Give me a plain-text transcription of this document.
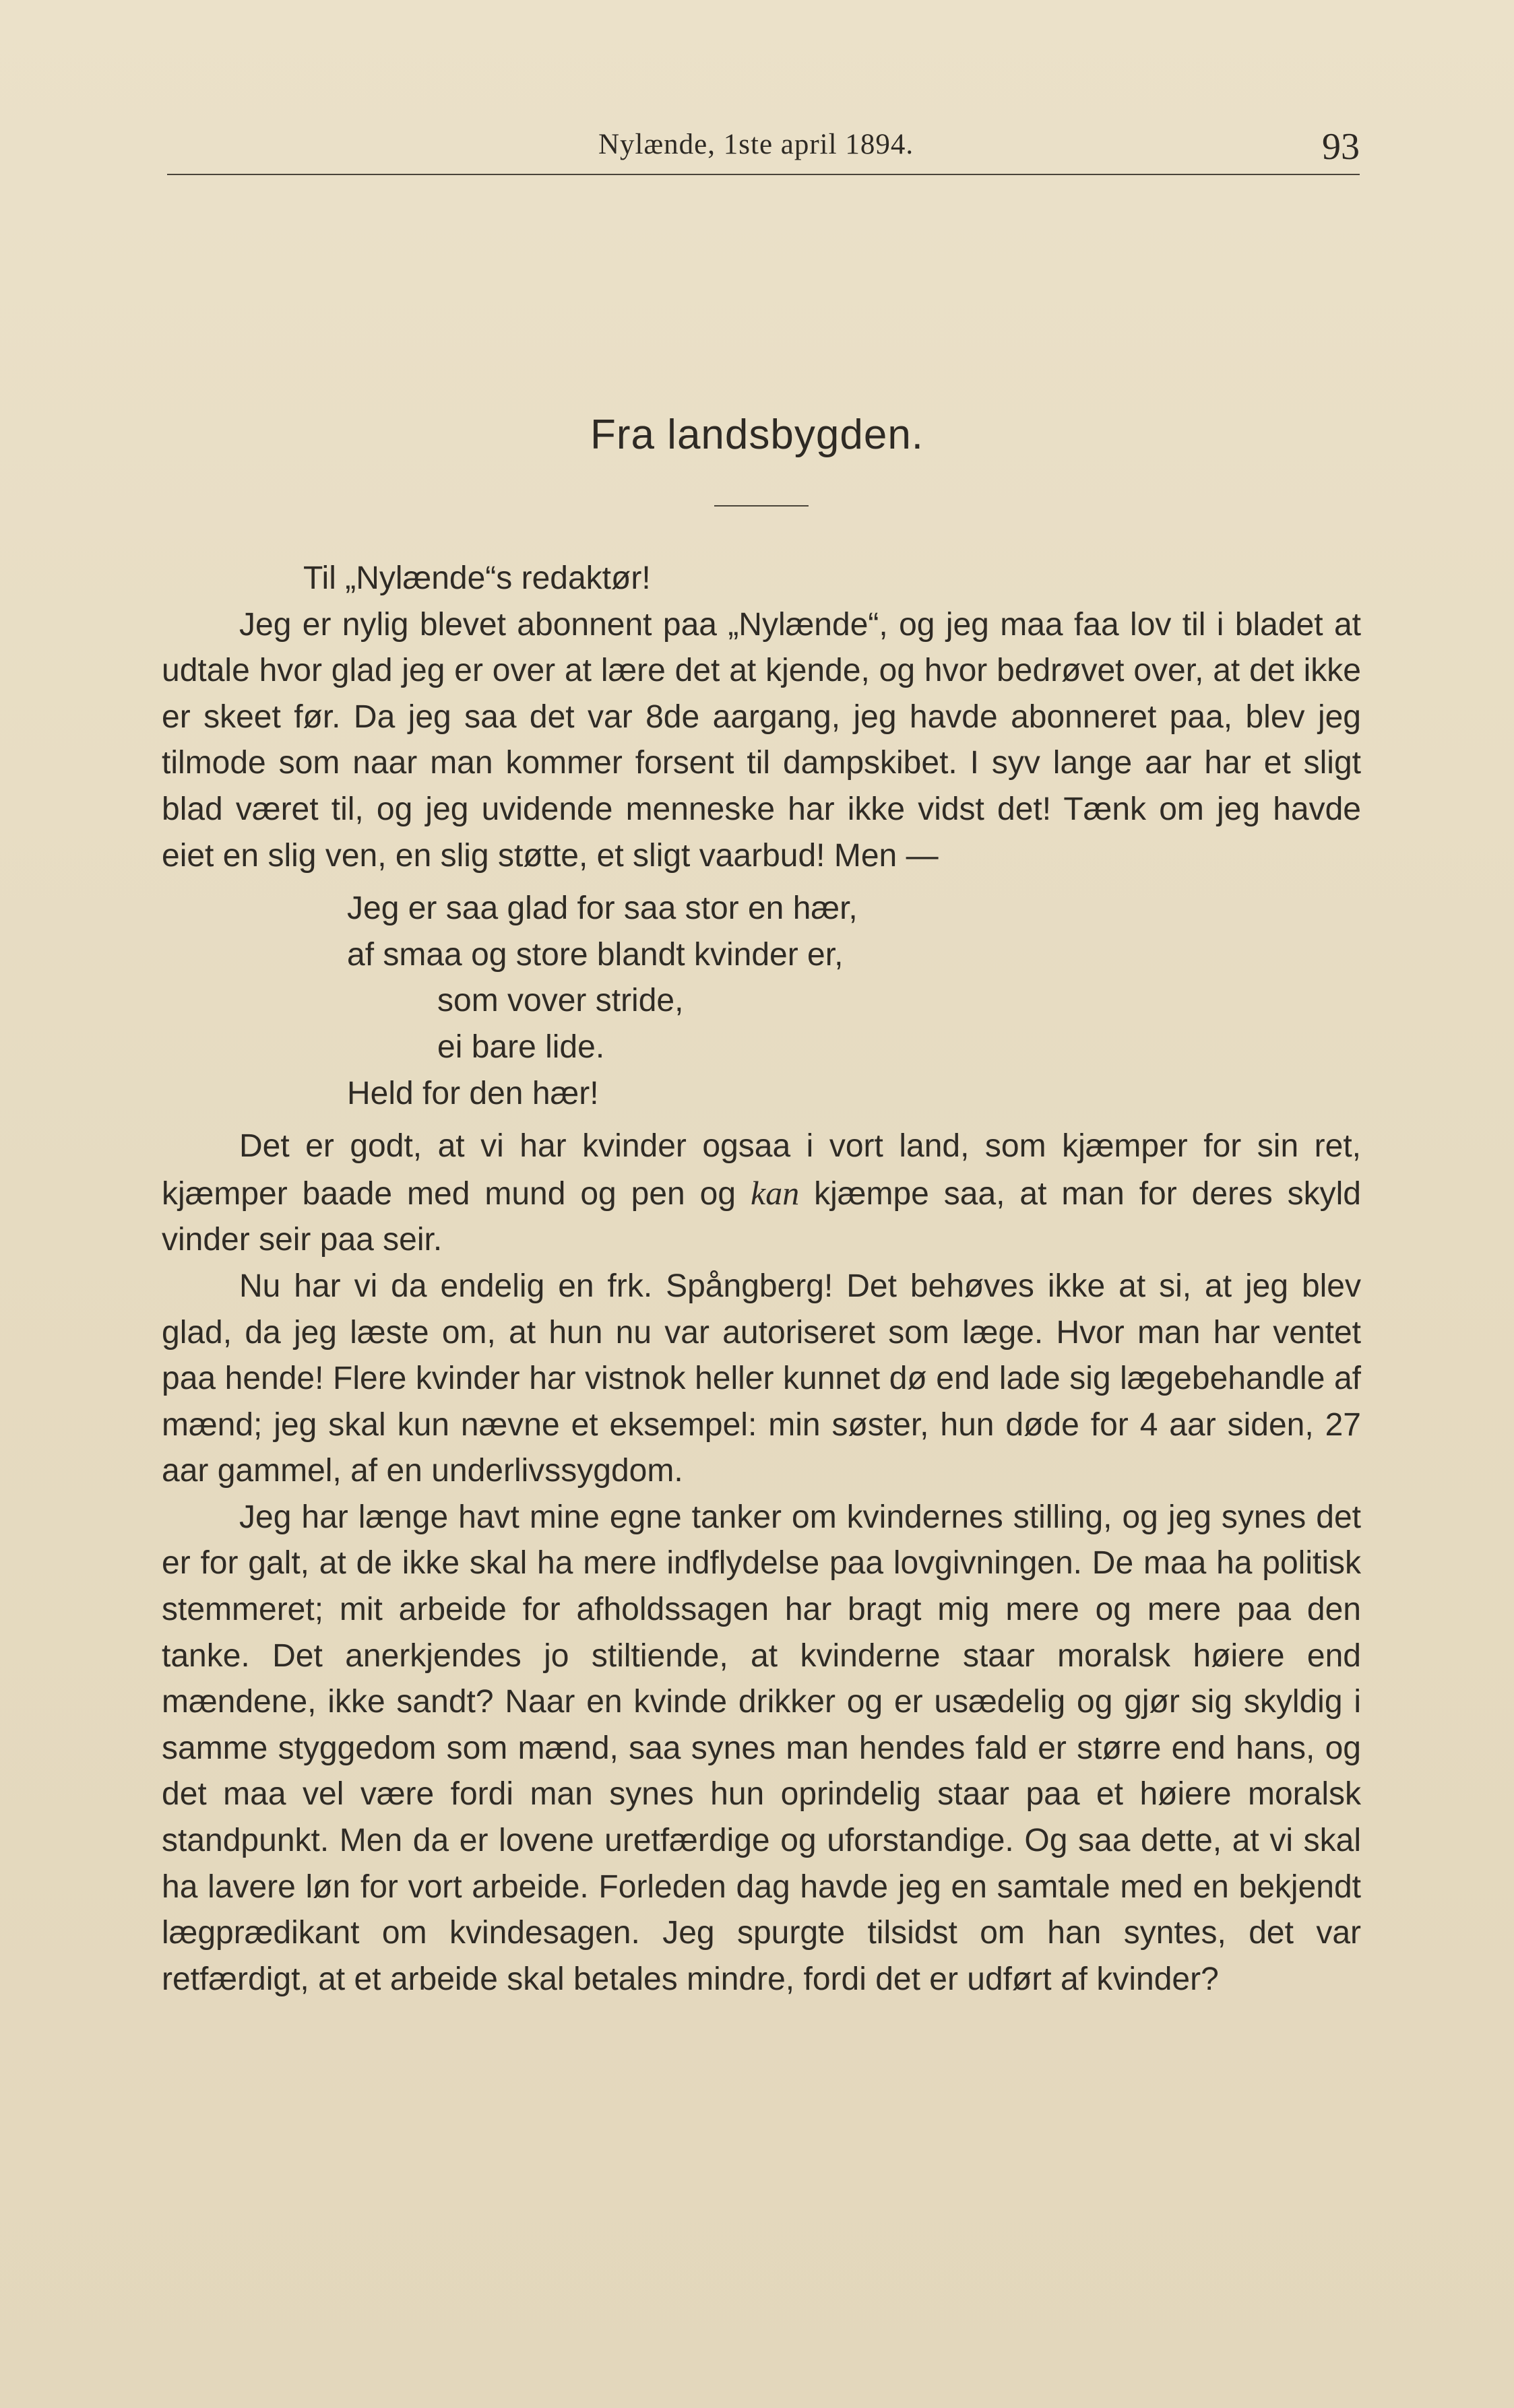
Nylænde, 1ste april 1894.	93
Fra landsbygden.

Til „Nylænde“s redaktør!

Jeg er nylig blevet abonnent paa „Nylænde“, og jeg maa faa lov til i bladet at udtale hvor glad jeg er over at lære det at kjende, og hvor bedrøvet over, at det ikke er skeet før. Da jeg saa det var 8de aargang, jeg havde abonneret paa, blev jeg tilmode som naar man kommer forsent til dampskibet. I syv lange aar har et sligt blad været til, og jeg uvidende menneske har ikke vidst det! Tænk om jeg havde eiet en slig ven, en slig støtte, et sligt vaarbud! Men —

Jeg er saa glad for saa stor en hær,
af smaa og store blandt kvinder er,
som vover stride,
ei bare lide.
Held for den hær!

Det er godt, at vi har kvinder ogsaa i vort land, som kjæmper for sin ret, kjæmper baade med mund og pen og kan kjæmpe saa, at man for deres skyld vinder seir paa seir.

Nu har vi da endelig en frk. Spångberg! Det behøves ikke at si, at jeg blev glad, da jeg læste om, at hun nu var autoriseret som læge. Hvor man har ventet paa hende! Flere kvinder har vistnok heller kunnet dø end lade sig lægebehandle af mænd; jeg skal kun nævne et eksempel: min søster, hun døde for 4 aar siden, 27 aar gammel, af en underlivssygdom.

Jeg har længe havt mine egne tanker om kvindernes stilling, og jeg synes det er for galt, at de ikke skal ha mere indflydelse paa lovgivningen. De maa ha politisk stemmeret; mit arbeide for afholdssagen har bragt mig mere og mere paa den tanke. Det anerkjendes jo stiltiende, at kvinderne staar moralsk høiere end mændene, ikke sandt? Naar en kvinde drikker og er usædelig og gjør sig skyldig i samme styggedom som mænd, saa synes man hendes fald er større end hans, og det maa vel være fordi man synes hun oprindelig staar paa et høiere moralsk standpunkt. Men da er lovene uretfærdige og uforstandige. Og saa dette, at vi skal ha lavere løn for vort arbeide. Forleden dag havde jeg en samtale med en bekjendt lægprædikant om kvindesagen. Jeg spurgte tilsidst om han syntes, det var retfærdigt, at et arbeide skal betales mindre, fordi det er udført af kvinder?
